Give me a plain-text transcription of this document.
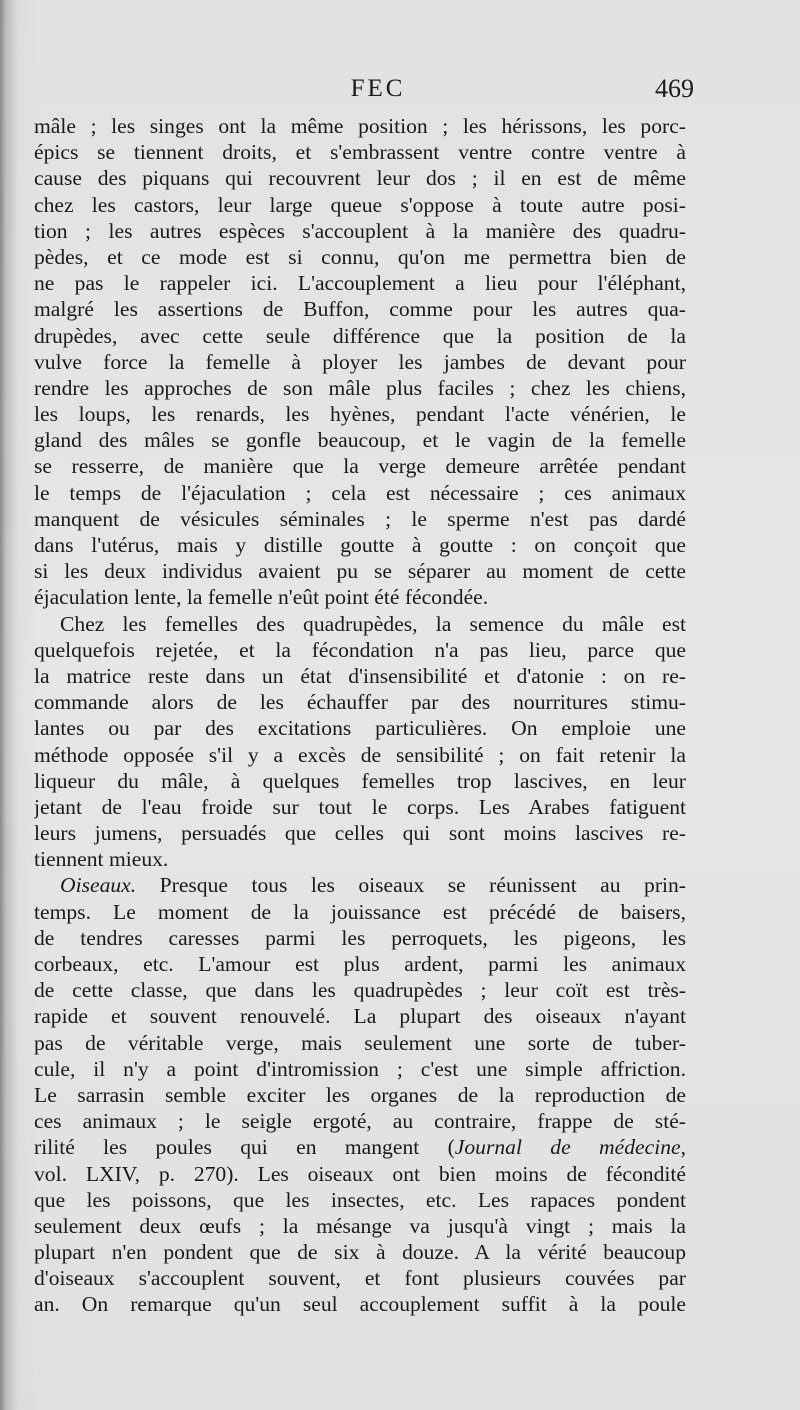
FEC	469
mâle ; les singes ont la même position ; les hérissons, les porc-
épics se tiennent droits, et s'embrassent ventre contre ventre à
cause des piquans qui recouvrent leur dos ; il en est de même
chez les castors, leur large queue s'oppose à toute autre posi-
tion ; les autres espèces s'accouplent à la manière des quadru-
pèdes, et ce mode est si connu, qu'on me permettra bien de
ne pas le rappeler ici. L'accouplement a lieu pour l'éléphant,
malgré les assertions de Buffon, comme pour les autres qua-
drupèdes, avec cette seule différence que la position de la
vulve force la femelle à ployer les jambes de devant pour
rendre les approches de son mâle plus faciles ; chez les chiens,
les loups, les renards, les hyènes, pendant l'acte vénérien, le
gland des mâles se gonfle beaucoup, et le vagin de la femelle
se resserre, de manière que la verge demeure arrêtée pendant
le temps de l'éjaculation ; cela est nécessaire ; ces animaux
manquent de vésicules séminales ; le sperme n'est pas dardé
dans l'utérus, mais y distille goutte à goutte : on conçoit que
si les deux individus avaient pu se séparer au moment de cette
éjaculation lente, la femelle n'eût point été fécondée.
Chez les femelles des quadrupèdes, la semence du mâle est
quelquefois rejetée, et la fécondation n'a pas lieu, parce que
la matrice reste dans un état d'insensibilité et d'atonie : on re-
commande alors de les échauffer par des nourritures stimu-
lantes ou par des excitations particulières. On emploie une
méthode opposée s'il y a excès de sensibilité ; on fait retenir la
liqueur du mâle, à quelques femelles trop lascives, en leur
jetant de l'eau froide sur tout le corps. Les Arabes fatiguent
leurs jumens, persuadés que celles qui sont moins lascives re-
tiennent mieux.
Oiseaux. Presque tous les oiseaux se réunissent au prin-
temps. Le moment de la jouissance est précédé de baisers,
de tendres caresses parmi les perroquets, les pigeons, les
corbeaux, etc. L'amour est plus ardent, parmi les animaux
de cette classe, que dans les quadrupèdes ; leur coït est très-
rapide et souvent renouvelé. La plupart des oiseaux n'ayant
pas de véritable verge, mais seulement une sorte de tuber-
cule, il n'y a point d'intromission ; c'est une simple affriction.
Le sarrasin semble exciter les organes de la reproduction de
ces animaux ; le seigle ergoté, au contraire, frappe de sté-
rilité les poules qui en mangent (Journal de médecine,
vol. LXIV, p. 270). Les oiseaux ont bien moins de fécondité
que les poissons, que les insectes, etc. Les rapaces pondent
seulement deux œufs ; la mésange va jusqu'à vingt ; mais la
plupart n'en pondent que de six à douze. A la vérité beaucoup
d'oiseaux s'accouplent souvent, et font plusieurs couvées par
an. On remarque qu'un seul accouplement suffit à la poule
